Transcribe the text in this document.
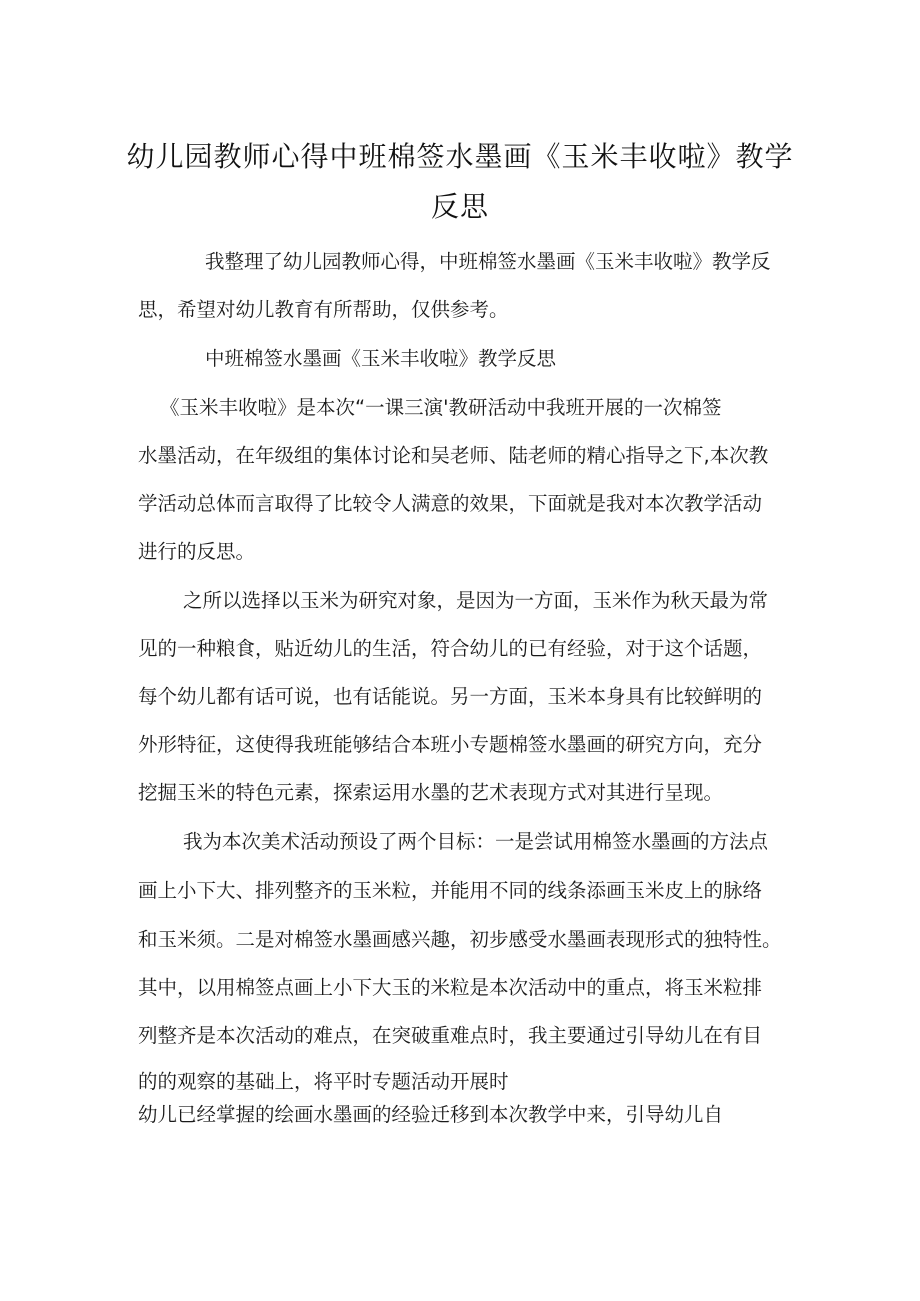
幼儿园教师心得中班棉签水墨画《玉米丰收啦》教学
反思

我整理了幼儿园教师心得，中班棉签水墨画《玉米丰收啦》教学反

思，希望对幼儿教育有所帮助，仅供参考。

中班棉签水墨画《玉米丰收啦》教学反思

《玉米丰收啦》是本次“一课三演'教研活动中我班开展的一次棉签

水墨活动，在年级组的集体讨论和吴老师、陆老师的精心指导之下,本次教

学活动总体而言取得了比较令人满意的效果，下面就是我对本次教学活动

进行的反思。

之所以选择以玉米为研究对象，是因为一方面，玉米作为秋天最为常

见的一种粮食，贴近幼儿的生活，符合幼儿的已有经验，对于这个话题，

每个幼儿都有话可说，也有话能说。另一方面，玉米本身具有比较鲜明的

外形特征，这使得我班能够结合本班小专题棉签水墨画的研究方向，充分

挖掘玉米的特色元素，探索运用水墨的艺术表现方式对其进行呈现。

我为本次美术活动预设了两个目标：一是尝试用棉签水墨画的方法点

画上小下大、排列整齐的玉米粒，并能用不同的线条添画玉米皮上的脉络

和玉米须。二是对棉签水墨画感兴趣，初步感受水墨画表现形式的独特性。

其中，以用棉签点画上小下大玉的米粒是本次活动中的重点，将玉米粒排

列整齐是本次活动的难点，在突破重难点时，我主要通过引导幼儿在有目

的的观察的基础上，将平时专题活动开展时

幼儿已经掌握的绘画水墨画的经验迁移到本次教学中来，引导幼儿自
